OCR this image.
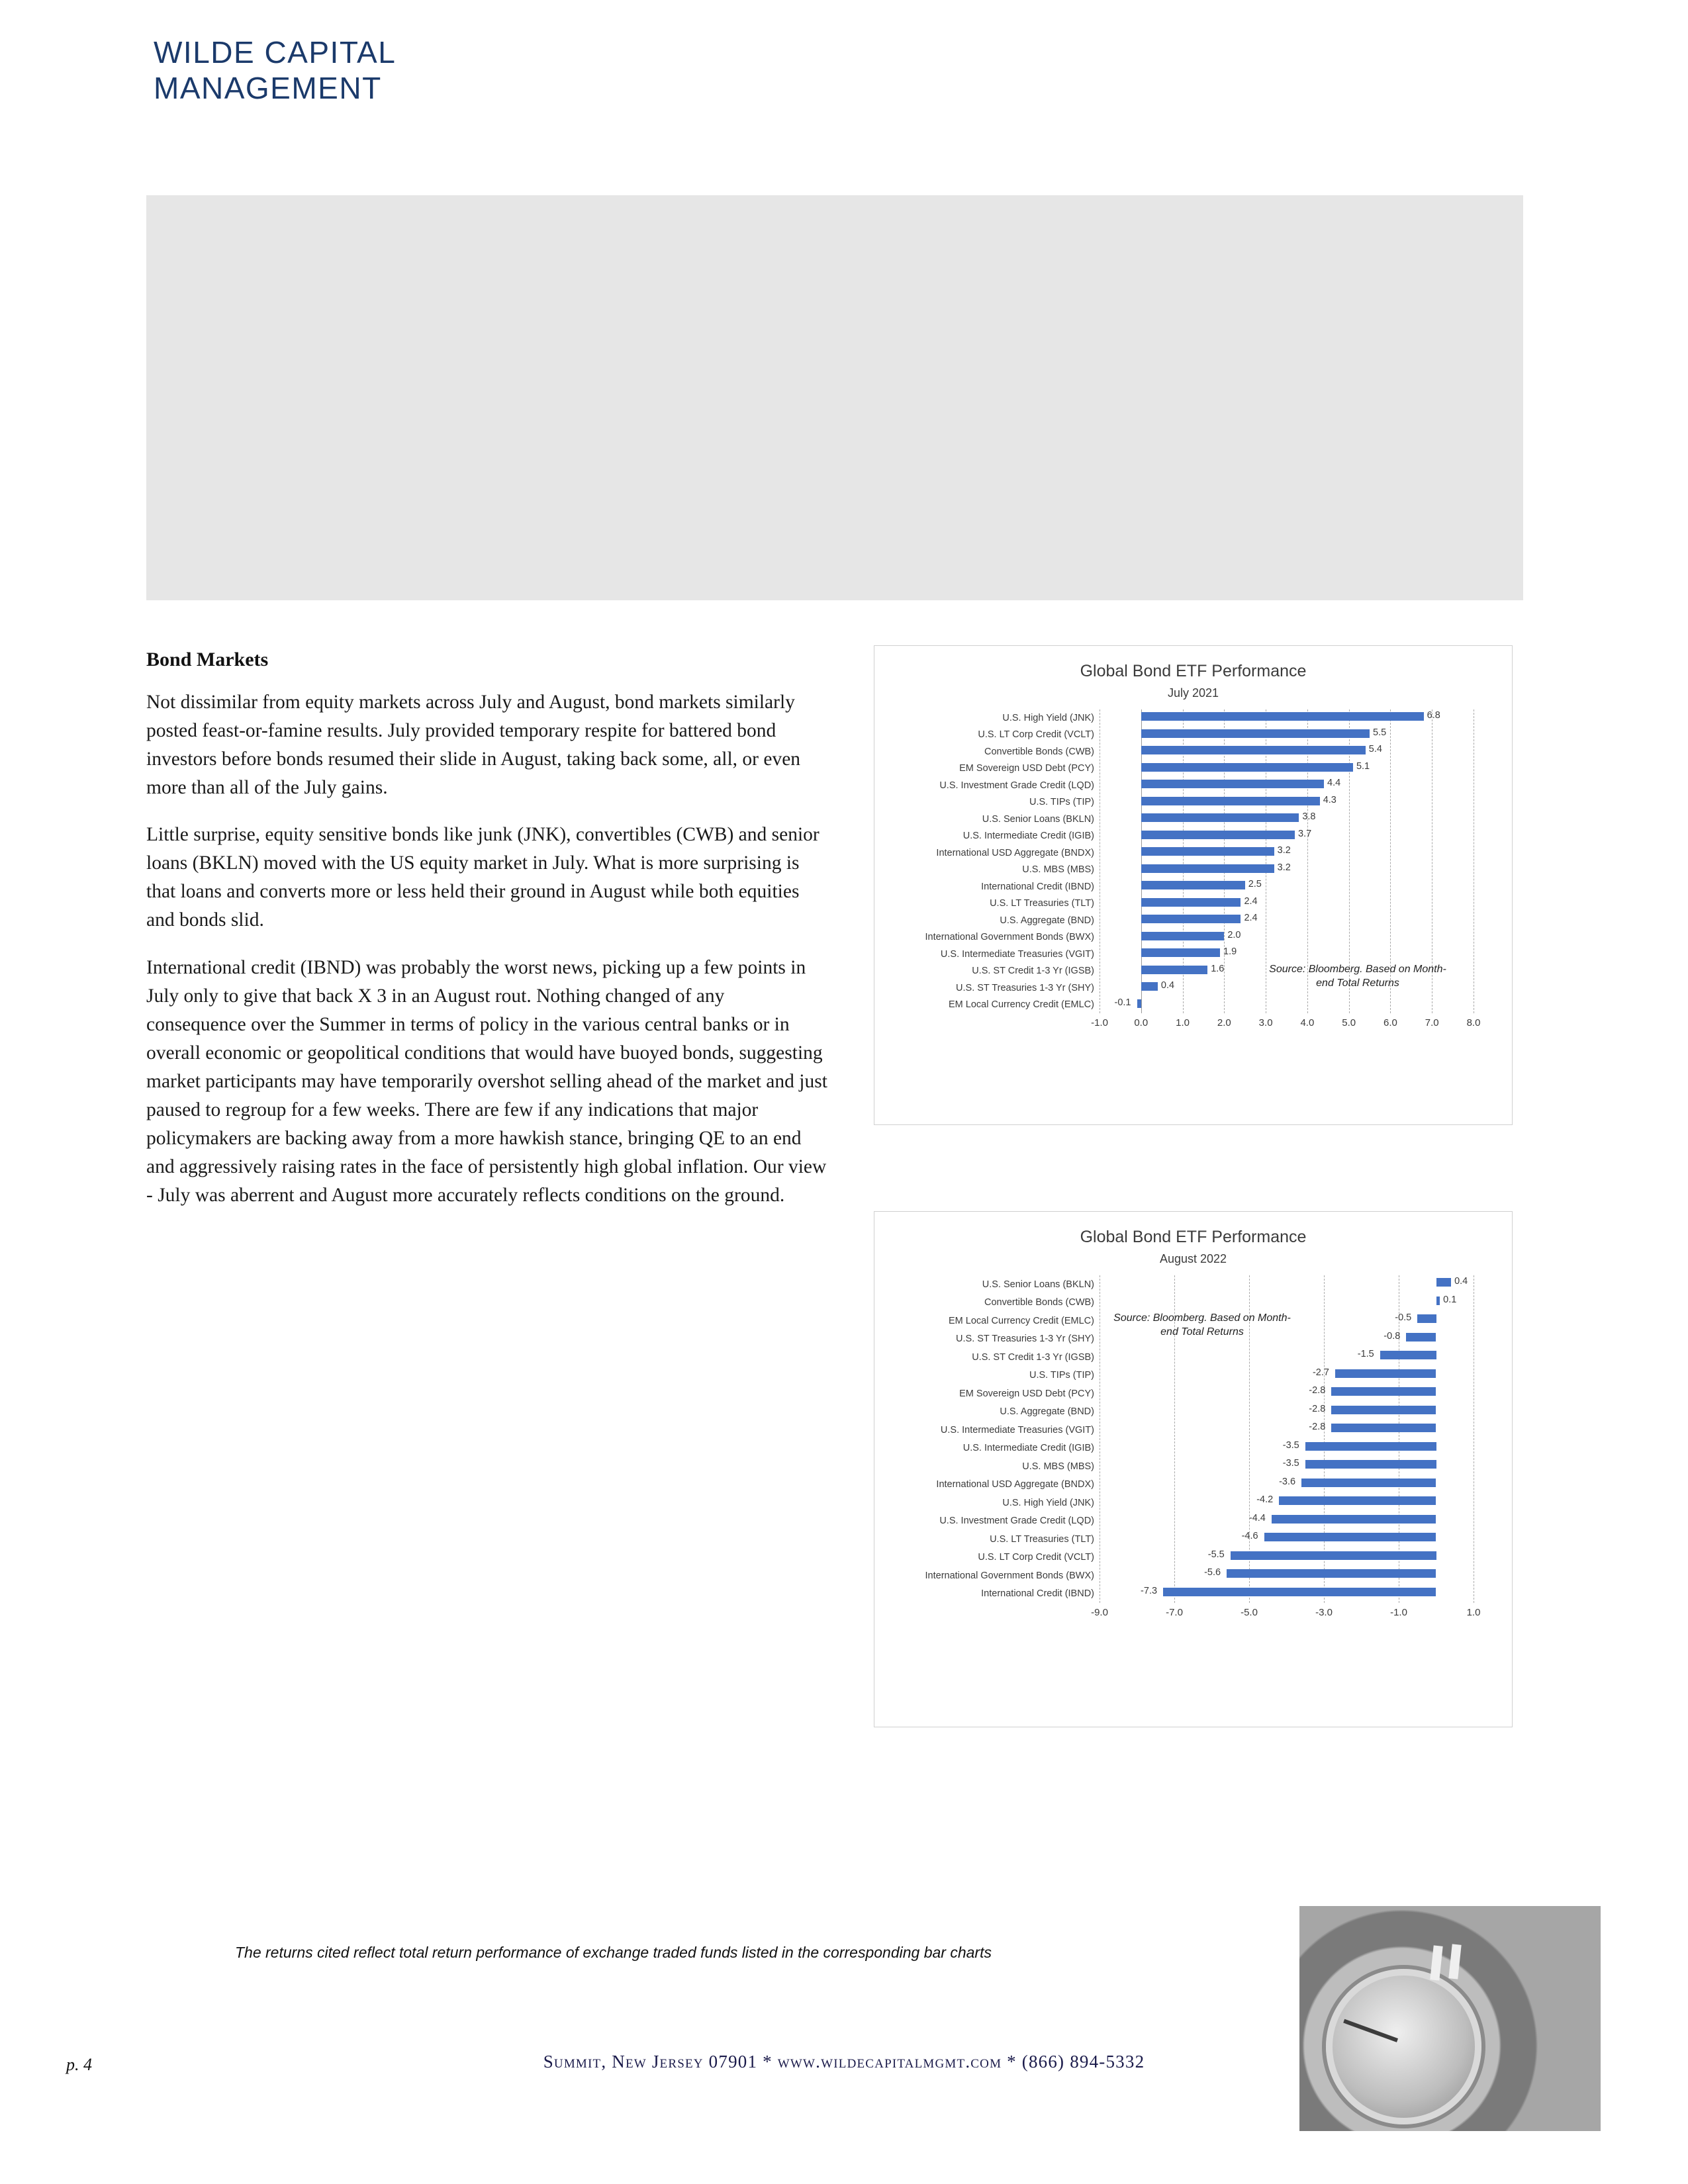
WILDE CAPITAL
MANAGEMENT
Bond Markets

Not dissimilar from equity markets across July and August, bond markets similarly posted feast-or-famine results. July provided temporary respite for battered bond investors before bonds resumed their slide in August, taking back some, all, or even more than all of the July gains.

Little surprise, equity sensitive bonds like junk (JNK), convertibles (CWB) and senior loans (BKLN) moved with the US equity market in July. What is more surprising is that loans and converts more or less held their ground in August while both equities and bonds slid.

International credit (IBND) was probably the worst news, picking up a few points in July only to give that back X 3 in an August rout. Nothing changed of any consequence over the Summer in terms of policy in the various central banks or in overall economic or geopolitical conditions that would have buoyed bonds, suggesting market participants may have temporarily overshot selling ahead of the market and just paused to regroup for a few weeks. There are few if any indications that major policymakers are backing away from a more hawkish stance, bringing QE to an end and aggressively raising rates in the face of persistently high global inflation. Our view - July was aberrent and August more accurately reflects conditions on the ground.

Global Bond ETF Performance
July 2021
U.S. High Yield (JNK)	6.8
U.S. LT Corp Credit (VCLT)	5.5
Convertible Bonds (CWB)	5.4
EM Sovereign USD Debt (PCY)	5.1
U.S. Investment Grade Credit (LQD)	4.4
U.S. TIPs (TIP)	4.3
U.S. Senior Loans (BKLN)	3.8
U.S. Intermediate Credit (IGIB)	3.7
International USD Aggregate (BNDX)	3.2
U.S. MBS (MBS)	3.2
International Credit (IBND)	2.5
U.S. LT Treasuries (TLT)	2.4
U.S. Aggregate (BND)	2.4
International Government Bonds (BWX)	2.0
U.S. Intermediate Treasuries (VGIT)	1.9
U.S. ST Credit 1-3 Yr (IGSB)	1.6
U.S. ST Treasuries 1-3 Yr (SHY)	0.4
EM Local Currency Credit (EMLC)	-0.1
-1.0	0.0	1.0	2.0	3.0	4.0	5.0	6.0	7.0	8.0
Source: Bloomberg. Based on Month-end Total Returns
Global Bond ETF Performance
August 2022
U.S. Senior Loans (BKLN)	0.4
Convertible Bonds (CWB)	0.1
EM Local Currency Credit (EMLC)	-0.5
U.S. ST Treasuries 1-3 Yr (SHY)	-0.8
U.S. ST Credit 1-3 Yr (IGSB)	-1.5
U.S. TIPs (TIP)	-2.7
EM Sovereign USD Debt (PCY)	-2.8
U.S. Aggregate (BND)	-2.8
U.S. Intermediate Treasuries (VGIT)	-2.8
U.S. Intermediate Credit (IGIB)	-3.5
U.S. MBS (MBS)	-3.5
International USD Aggregate (BNDX)	-3.6
U.S. High Yield (JNK)	-4.2
U.S. Investment Grade Credit (LQD)	-4.4
U.S. LT Treasuries (TLT)	-4.6
U.S. LT Corp Credit (VCLT)	-5.5
International Government Bonds (BWX)	-5.6
International Credit (IBND)	-7.3
-9.0	-7.0	-5.0	-3.0	-1.0	1.0
Source: Bloomberg. Based on Month-end Total Returns
The returns cited reflect total return performance of exchange traded funds listed in the corresponding bar charts
p. 4	Summit, New Jersey 07901 * www.wildecapitalmgmt.com * (866) 894-5332
